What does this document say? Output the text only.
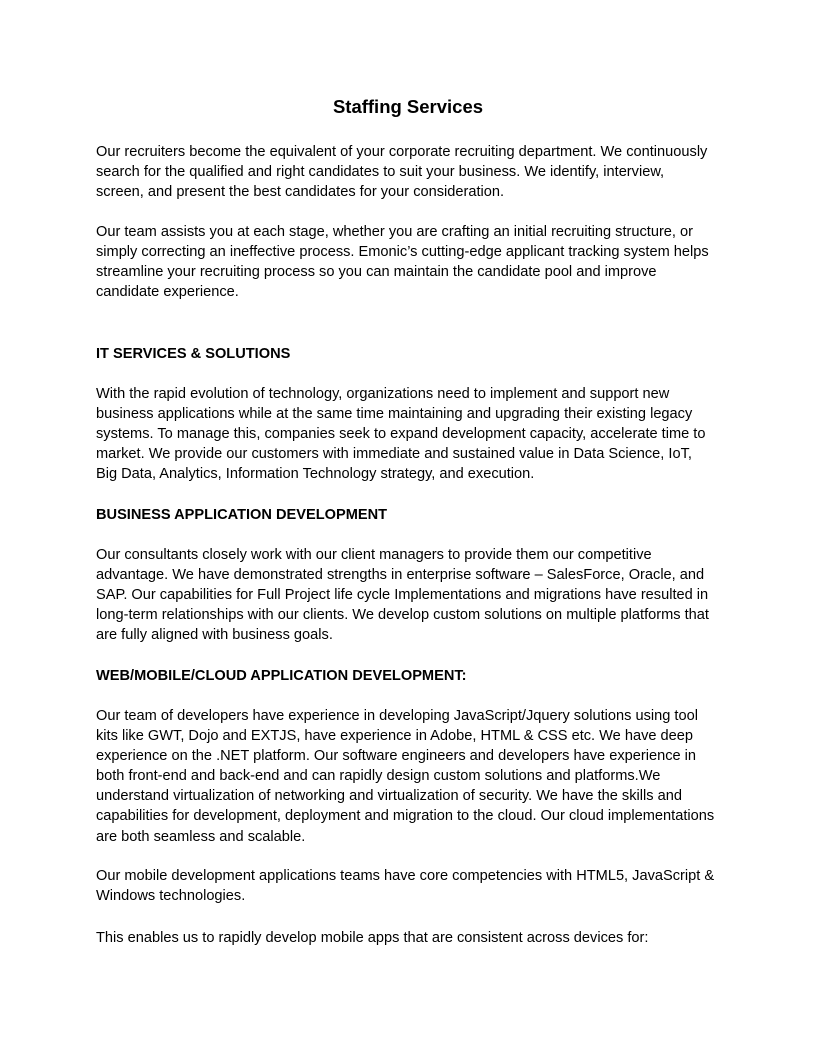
Staffing Services

Our recruiters become the equivalent of your corporate recruiting department. We continuously
search for the qualified and right candidates to suit your business. We identify, interview,
screen, and present the best candidates for your consideration.

Our team assists you at each stage, whether you are crafting an initial recruiting structure, or
simply correcting an ineffective process. Emonic’s cutting-edge applicant tracking system helps
streamline your recruiting process so you can maintain the candidate pool and improve
candidate experience.

IT SERVICES & SOLUTIONS

With the rapid evolution of technology, organizations need to implement and support new
business applications while at the same time maintaining and upgrading their existing legacy
systems. To manage this, companies seek to expand development capacity, accelerate time to
market. We provide our customers with immediate and sustained value in Data Science, IoT,
Big Data, Analytics, Information Technology strategy, and execution.

BUSINESS APPLICATION DEVELOPMENT

Our consultants closely work with our client managers to provide them our competitive
advantage. We have demonstrated strengths in enterprise software – SalesForce, Oracle, and
SAP. Our capabilities for Full Project life cycle Implementations and migrations have resulted in
long-term relationships with our clients. We develop custom solutions on multiple platforms that
are fully aligned with business goals.

WEB/MOBILE/CLOUD APPLICATION DEVELOPMENT:

Our team of developers have experience in developing JavaScript/Jquery solutions using tool
kits like GWT, Dojo and EXTJS, have experience in Adobe, HTML & CSS etc. We have deep
experience on the .NET platform. Our software engineers and developers have experience in
both front-end and back-end and can rapidly design custom solutions and platforms.We
understand virtualization of networking and virtualization of security. We have the skills and
capabilities for development, deployment and migration to the cloud. Our cloud implementations
are both seamless and scalable.

Our mobile development applications teams have core competencies with HTML5, JavaScript &
Windows technologies.

This enables us to rapidly develop mobile apps that are consistent across devices for:
